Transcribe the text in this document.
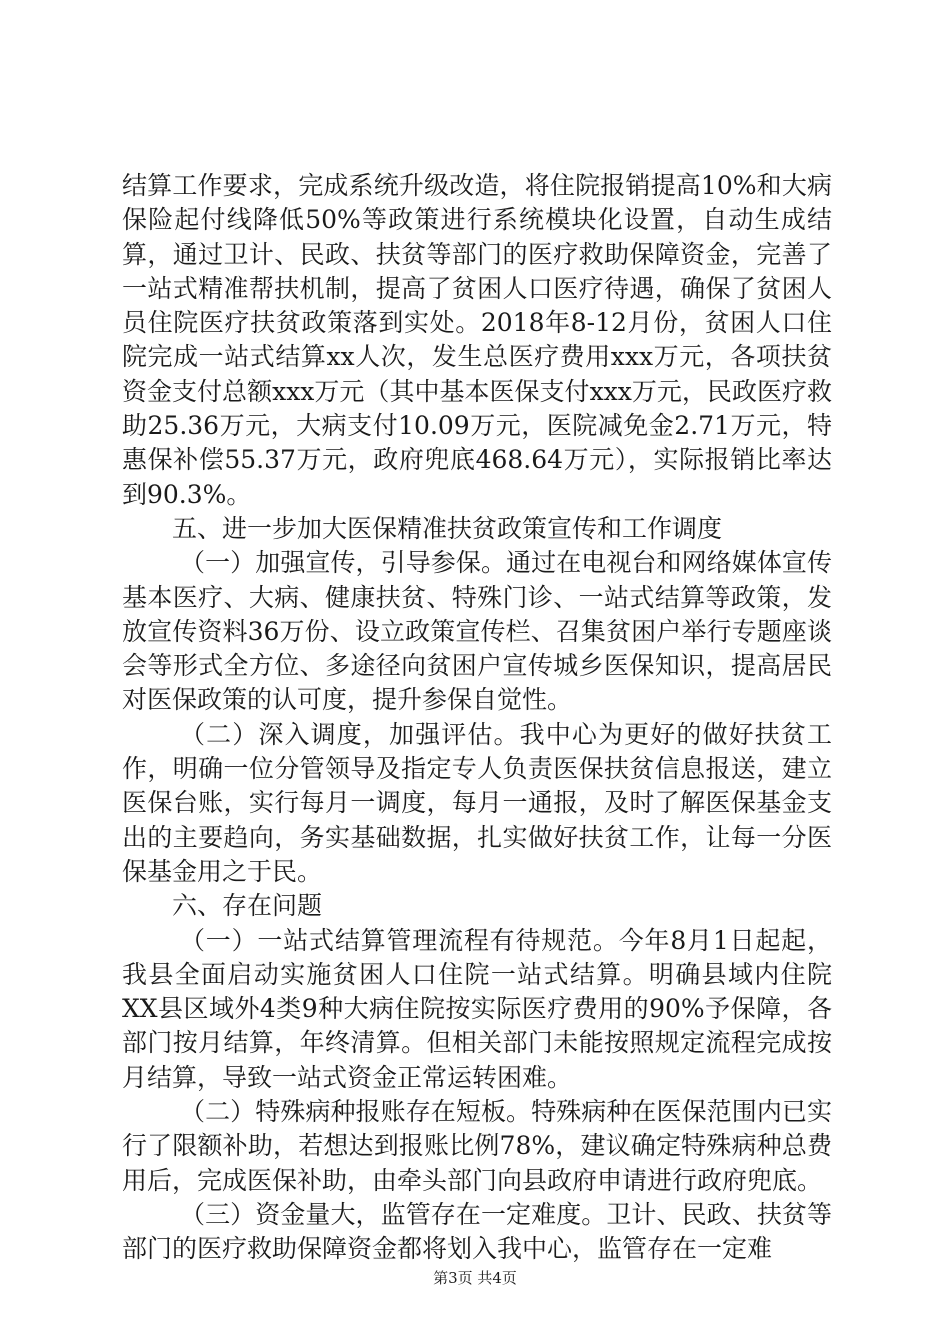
结算工作要求，完成系统升级改造，将住院报销提高10%和大病保险起付线降低50%等政策进行系统模块化设置，自动生成结算，通过卫计、民政、扶贫等部门的医疗救助保障资金，完善了一站式精准帮扶机制，提高了贫困人口医疗待遇，确保了贫困人员住院医疗扶贫政策落到实处。2018年8-12月份，贫困人口住院完成一站式结算xx人次，发生总医疗费用xxx万元，各项扶贫资金支付总额xxx万元（其中基本医保支付xxx万元，民政医疗救助25.36万元，大病支付10.09万元，医院减免金2.71万元，特惠保补偿55.37万元，政府兜底468.64万元），实际报销比率达到90.3%。

五、进一步加大医保精准扶贫政策宣传和工作调度

（一）加强宣传，引导参保。通过在电视台和网络媒体宣传基本医疗、大病、健康扶贫、特殊门诊、一站式结算等政策，发放宣传资料36万份、设立政策宣传栏、召集贫困户举行专题座谈会等形式全方位、多途径向贫困户宣传城乡医保知识，提高居民对医保政策的认可度，提升参保自觉性。

（二）深入调度，加强评估。我中心为更好的做好扶贫工作，明确一位分管领导及指定专人负责医保扶贫信息报送，建立医保台账，实行每月一调度，每月一通报，及时了解医保基金支出的主要趋向，务实基础数据，扎实做好扶贫工作，让每一分医保基金用之于民。

六、存在问题

（一）一站式结算管理流程有待规范。今年8月1日起起，我县全面启动实施贫困人口住院一站式结算。明确县域内住院XX县区域外4类9种大病住院按实际医疗费用的90%予保障，各部门按月结算，年终清算。但相关部门未能按照规定流程完成按月结算，导致一站式资金正常运转困难。

（二）特殊病种报账存在短板。特殊病种在医保范围内已实行了限额补助，若想达到报账比例78%，建议确定特殊病种总费用后，完成医保补助，由牵头部门向县政府申请进行政府兜底。

（三）资金量大，监管存在一定难度。卫计、民政、扶贫等部门的医疗救助保障资金都将划入我中心，监管存在一定难

第3页 共4页
